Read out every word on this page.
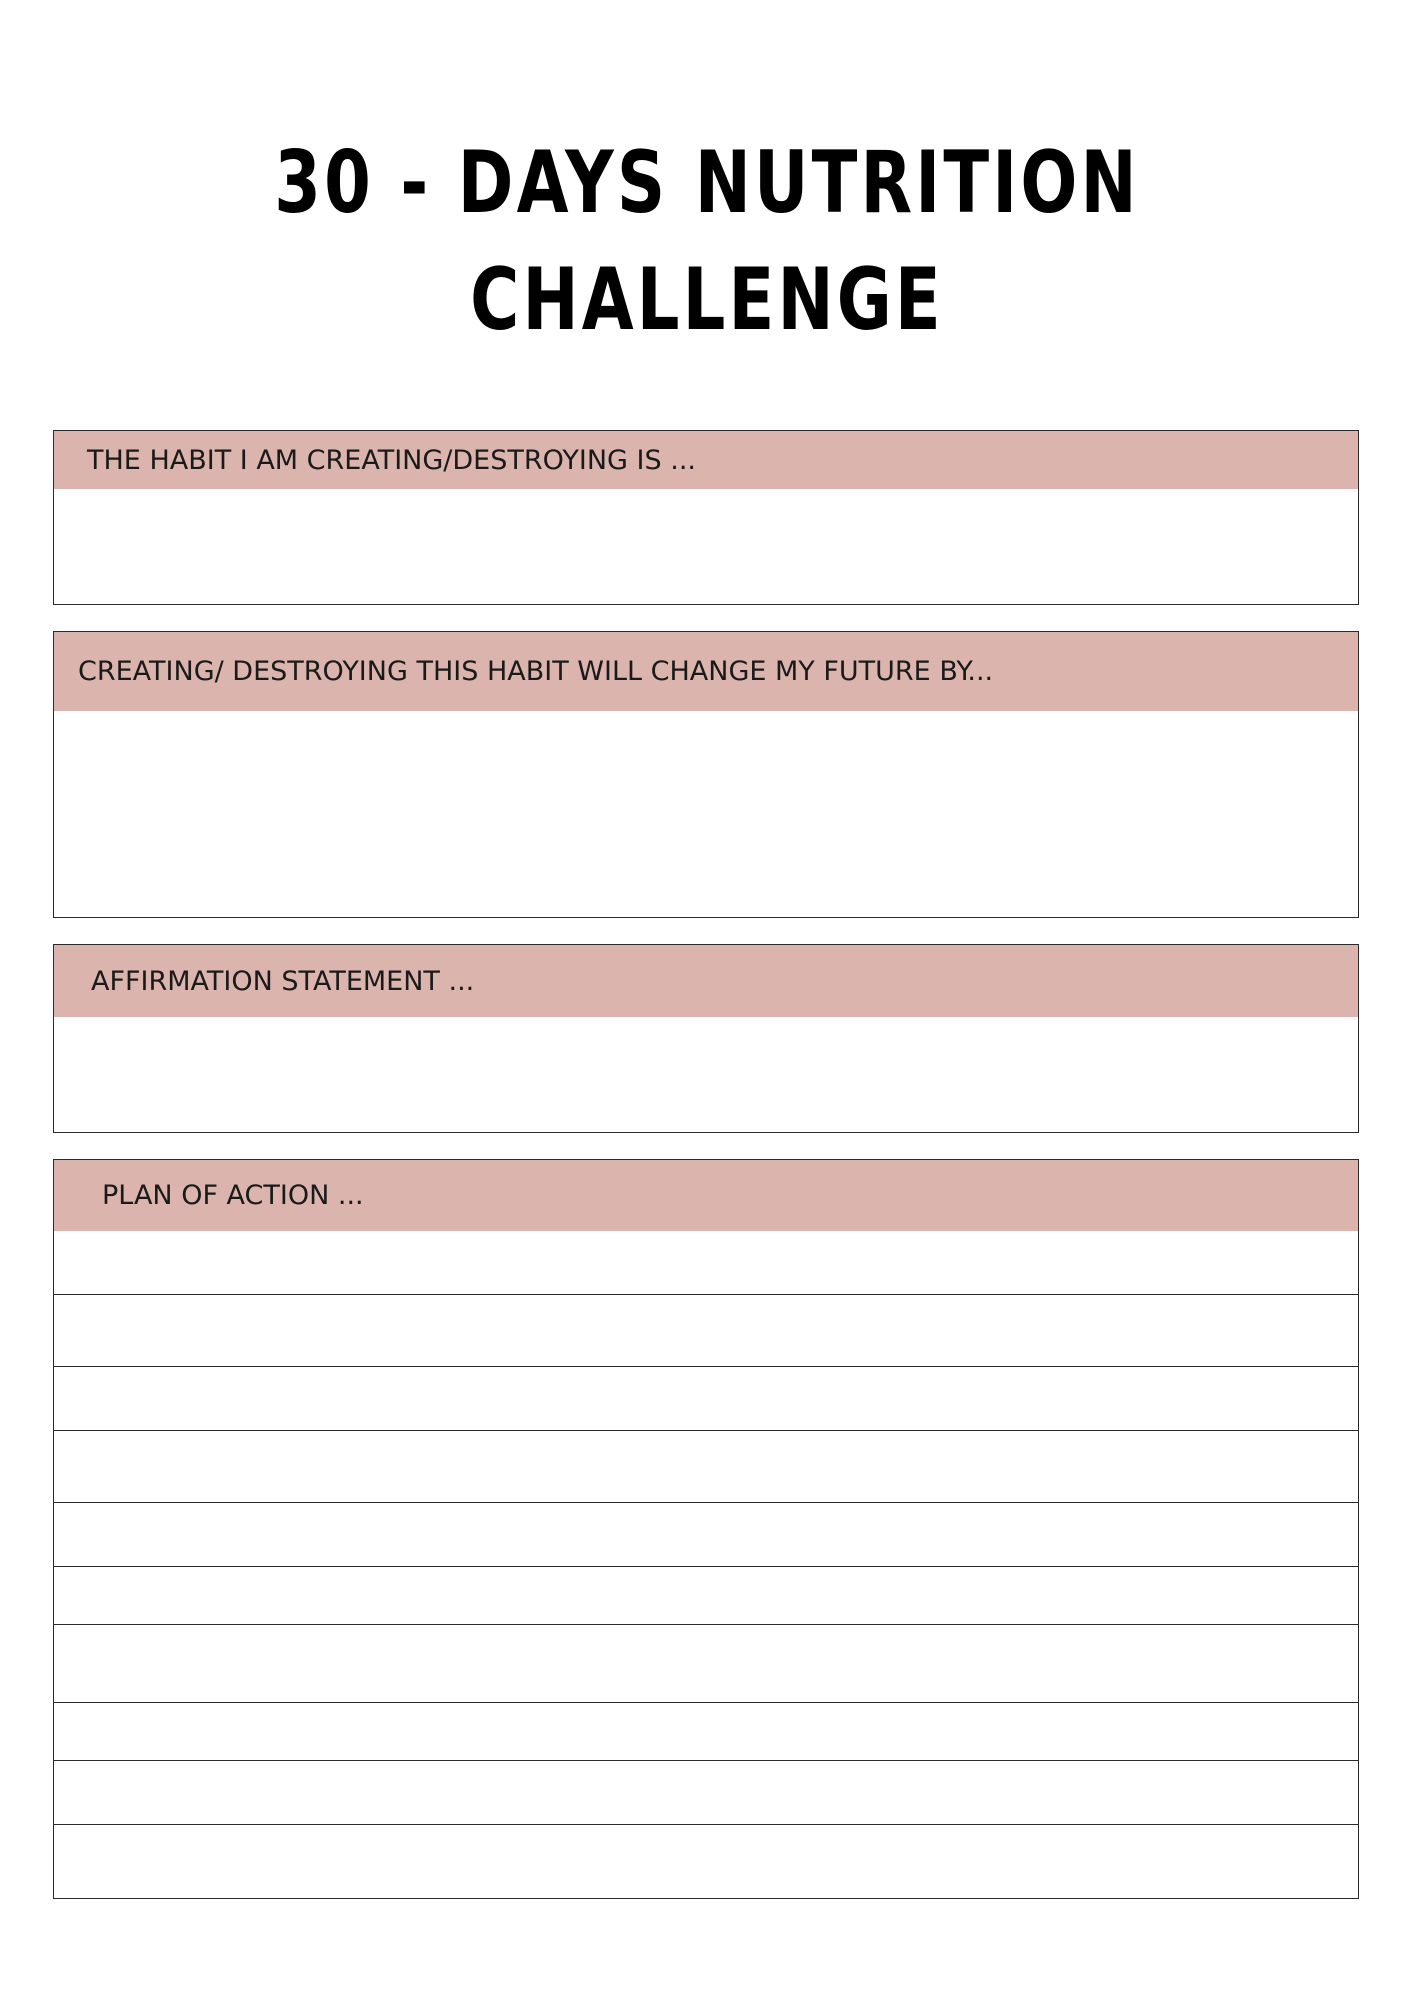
30 - DAYS NUTRITION
CHALLENGE
THE HABIT I AM CREATING/DESTROYING IS ...
CREATING/ DESTROYING THIS HABIT WILL CHANGE MY FUTURE BY...
AFFIRMATION STATEMENT ...
PLAN OF ACTION ...
